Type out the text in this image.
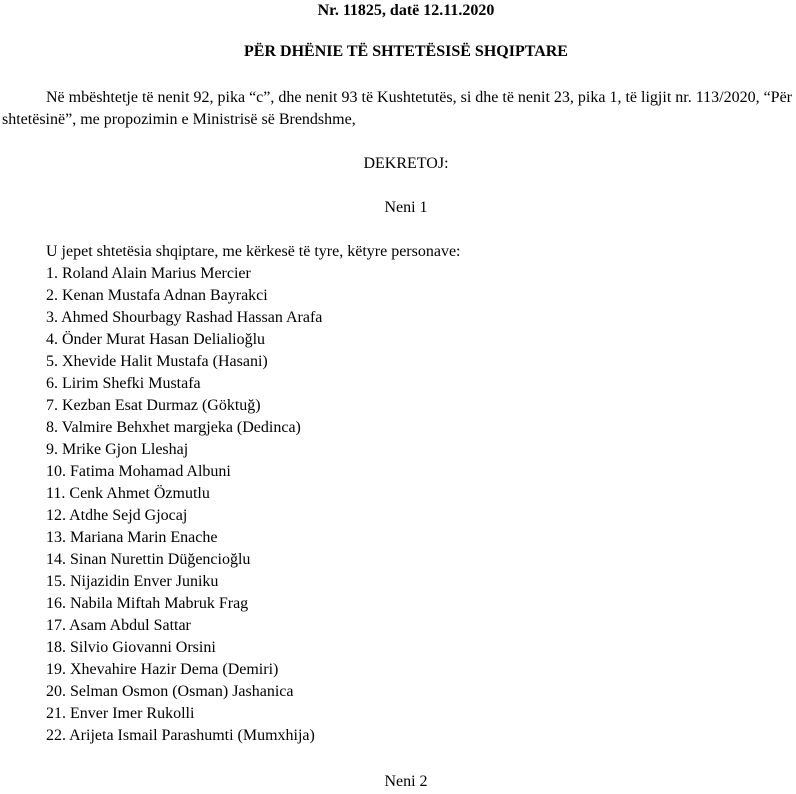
Nr. 11825, datë 12.11.2020
PËR DHËNIE TË SHTETËSISË SHQIPTARE

Në mbështetje të nenit 92, pika “c”, dhe nenit 93 të Kushtetutës, si dhe të nenit 23, pika 1, të ligjit nr. 113/2020, “Për shtetësinë”, me propozimin e Ministrisë së Brendshme,

DEKRETOJ:
Neni 1
U jepet shtetësia shqiptare, me kërkesë të tyre, këtyre personave:
1. Roland Alain Marius Mercier
2. Kenan Mustafa Adnan Bayrakci
3. Ahmed Shourbagy Rashad Hassan Arafa
4. Önder Murat Hasan Delialioğlu
5. Xhevide Halit Mustafa (Hasani)
6. Lirim Shefki Mustafa
7. Kezban Esat Durmaz (Göktuğ)
8. Valmire Behxhet margjeka (Dedinca)
9. Mrike Gjon Lleshaj
10. Fatima Mohamad Albuni
11. Cenk Ahmet Özmutlu
12. Atdhe Sejd Gjocaj
13. Mariana Marin Enache
14. Sinan Nurettin Düğencioğlu
15. Nijazidin Enver Juniku
16. Nabila Miftah Mabruk Frag
17. Asam Abdul Sattar
18. Silvio Giovanni Orsini
19. Xhevahire Hazir Dema (Demiri)
20. Selman Osmon (Osman) Jashanica
21. Enver Imer Rukolli
22. Arijeta Ismail Parashumti (Mumxhija)
Neni 2
